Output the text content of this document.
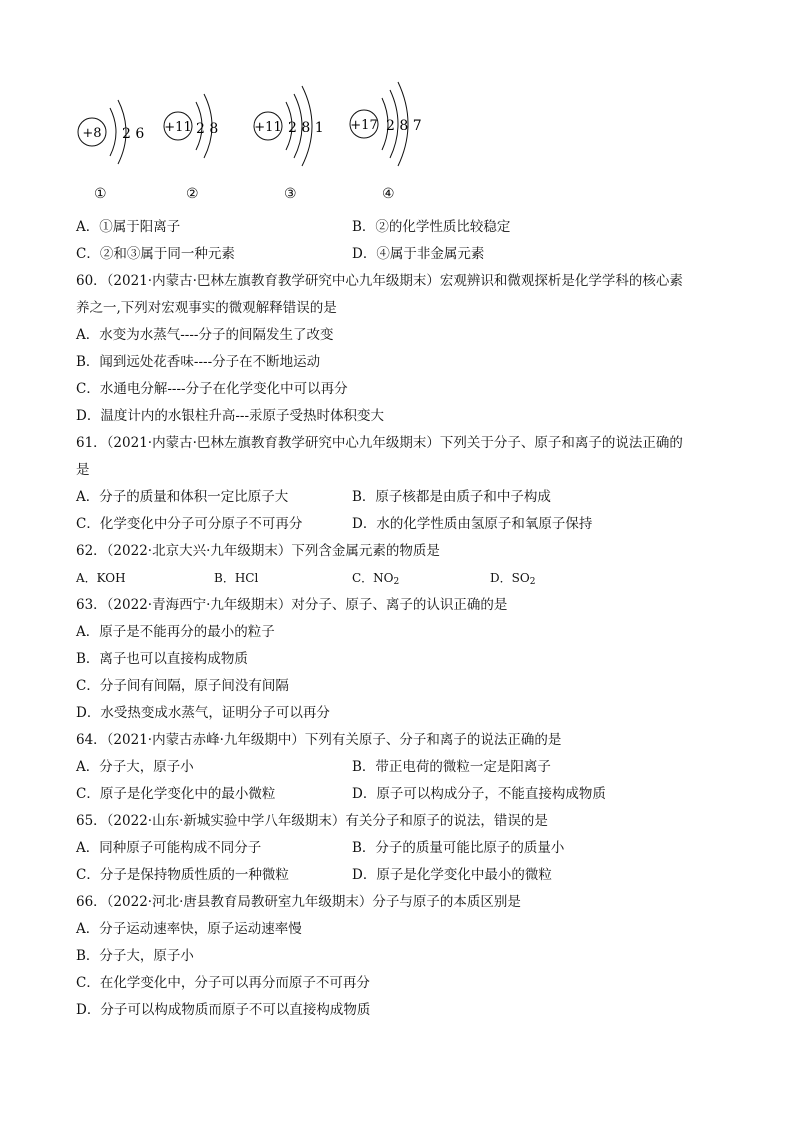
+8 2 6 +11 2 8	+11 2 8 1 +17 2 8 7
①	②	③	④
A．①属于阳离子	B．②的化学性质比较稳定
C．②和③属于同一种元素	D．④属于非金属元素
60．（2021·内蒙古·巴林左旗教育教学研究中心九年级期末）宏观辨识和微观探析是化学学科的核心素
养之一,下列对宏观事实的微观解释错误的是
A．水变为水蒸气----分子的间隔发生了改变
B．闻到远处花香味----分子在不断地运动
C．水通电分解----分子在化学变化中可以再分
D．温度计内的水银柱升高---汞原子受热时体积变大
61．（2021·内蒙古·巴林左旗教育教学研究中心九年级期末）下列关于分子、原子和离子的说法正确的
是
A．分子的质量和体积一定比原子大	B．原子核都是由质子和中子构成
C．化学变化中分子可分原子不可再分	D．水的化学性质由氢原子和氧原子保持
62．（2022·北京大兴·九年级期末）下列含金属元素的物质是
A．KOH	B．HCl	C．$NO_2$	D．$SO_2$
63．（2022·青海西宁·九年级期末）对分子、原子、离子的认识正确的是
A．原子是不能再分的最小的粒子
B．离子也可以直接构成物质
C．分子间有间隔，原子间没有间隔
D．水受热变成水蒸气，证明分子可以再分
64．（2021·内蒙古赤峰·九年级期中）下列有关原子、分子和离子的说法正确的是
A．分子大，原子小	B．带正电荷的微粒一定是阳离子
C．原子是化学变化中的最小微粒	D．原子可以构成分子，不能直接构成物质
65．（2022·山东·新城实验中学八年级期末）有关分子和原子的说法，错误的是
A．同种原子可能构成不同分子	B．分子的质量可能比原子的质量小
C．分子是保持物质性质的一种微粒	D．原子是化学变化中最小的微粒
66．（2022·河北·唐县教育局教研室九年级期末）分子与原子的本质区别是
A．分子运动速率快，原子运动速率慢
B．分子大，原子小
C．在化学变化中，分子可以再分而原子不可再分
D．分子可以构成物质而原子不可以直接构成物质
